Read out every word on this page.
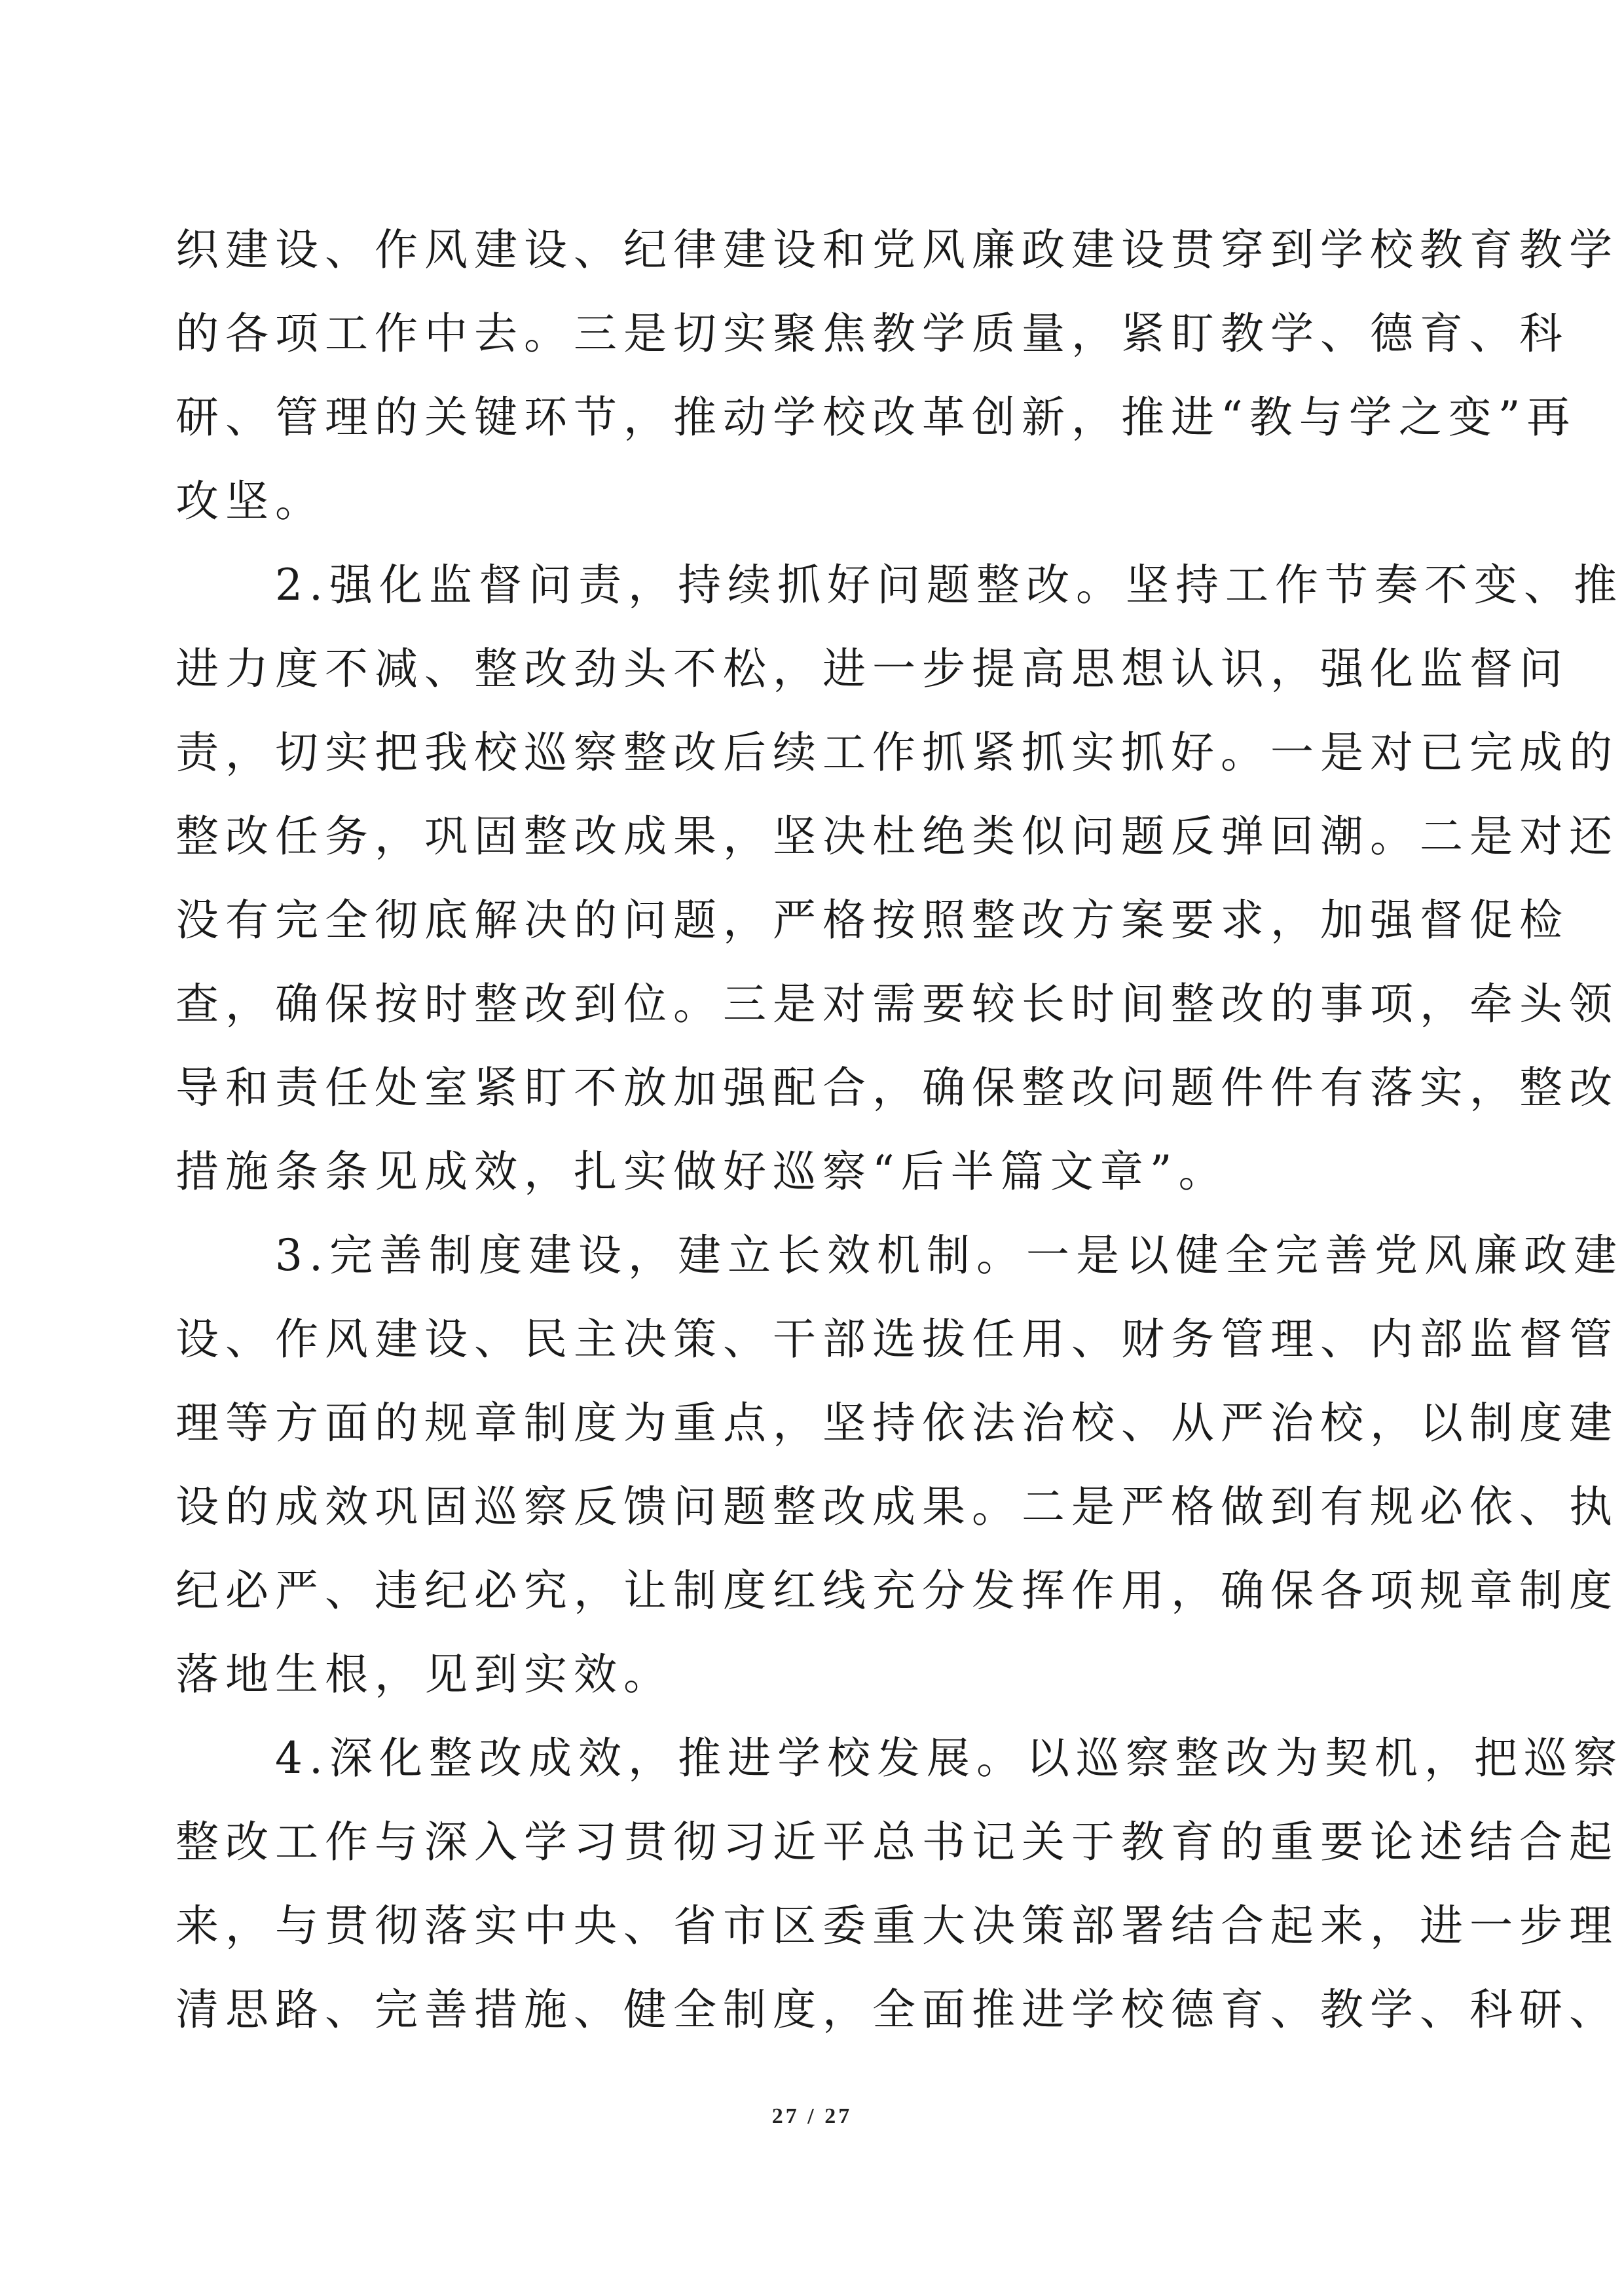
织建设、作风建设、纪律建设和党风廉政建设贯穿到学校教育教学
的各项工作中去。三是切实聚焦教学质量，紧盯教学、德育、科
研、管理的关键环节，推动学校改革创新，推进“教与学之变”再
攻坚。
　　2.强化监督问责，持续抓好问题整改。坚持工作节奏不变、推
进力度不减、整改劲头不松，进一步提高思想认识，强化监督问
责，切实把我校巡察整改后续工作抓紧抓实抓好。一是对已完成的
整改任务，巩固整改成果，坚决杜绝类似问题反弹回潮。二是对还
没有完全彻底解决的问题，严格按照整改方案要求，加强督促检
查，确保按时整改到位。三是对需要较长时间整改的事项，牵头领
导和责任处室紧盯不放加强配合，确保整改问题件件有落实，整改
措施条条见成效，扎实做好巡察“后半篇文章”。
　　3.完善制度建设，建立长效机制。一是以健全完善党风廉政建
设、作风建设、民主决策、干部选拔任用、财务管理、内部监督管
理等方面的规章制度为重点，坚持依法治校、从严治校，以制度建
设的成效巩固巡察反馈问题整改成果。二是严格做到有规必依、执
纪必严、违纪必究，让制度红线充分发挥作用，确保各项规章制度
落地生根，见到实效。
　　4.深化整改成效，推进学校发展。以巡察整改为契机，把巡察
整改工作与深入学习贯彻习近平总书记关于教育的重要论述结合起
来，与贯彻落实中央、省市区委重大决策部署结合起来，进一步理
清思路、完善措施、健全制度，全面推进学校德育、教学、科研、
27 / 27
